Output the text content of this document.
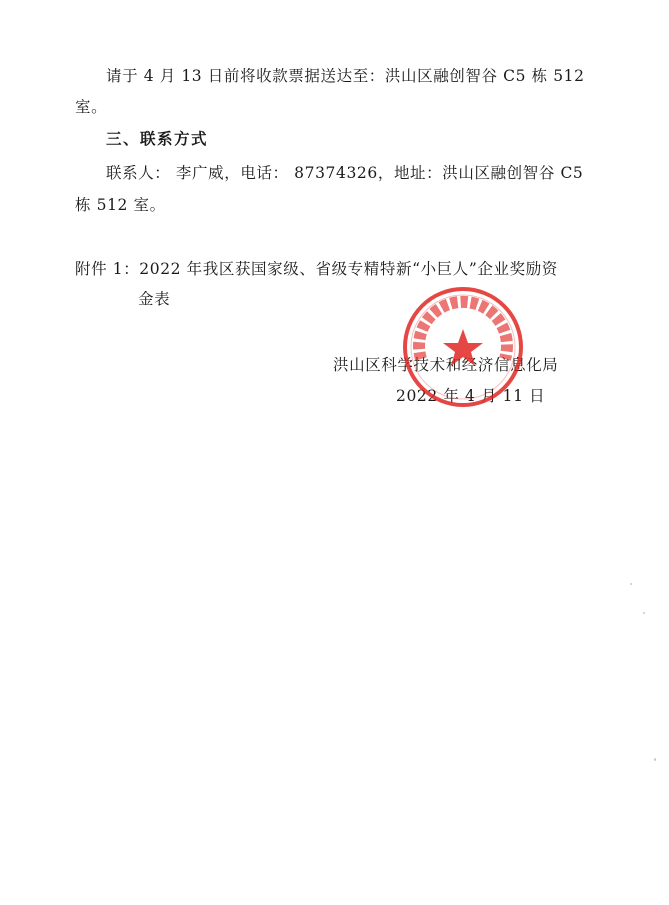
请于 4 月 13 日前将收款票据送达至：洪山区融创智谷 C5 栋 512
室。
三、联系方式
联系人： 李广威，电话： 87374326，地址：洪山区融创智谷 C5
栋 512 室。
附件 1：2022 年我区获国家级、省级专精特新“小巨人”企业奖励资
金表
洪山区科学技术和经济信息化局
2022 年 4 月 11 日
